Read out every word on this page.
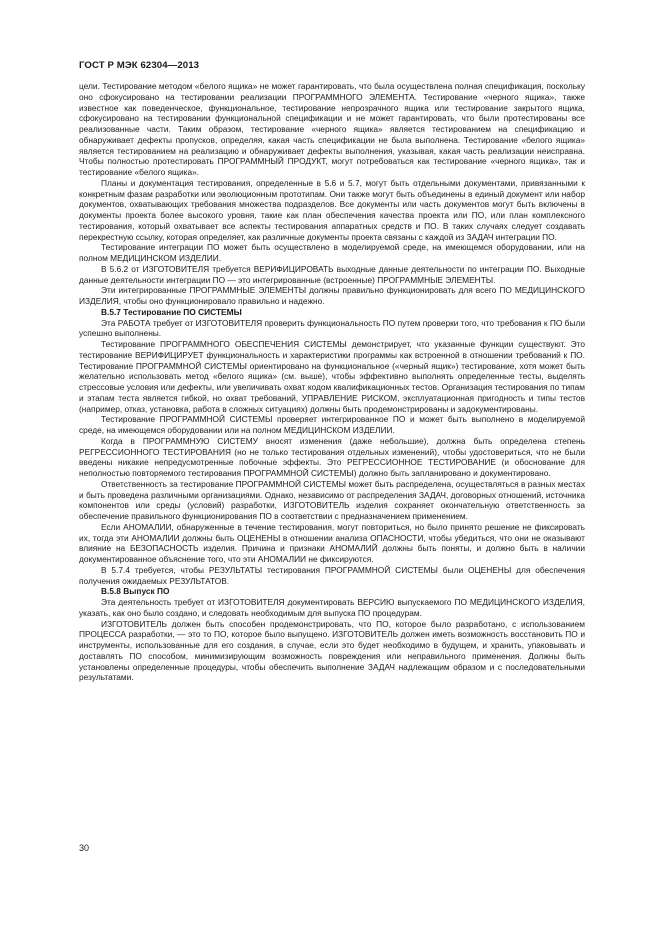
ГОСТ Р МЭК 62304—2013

цели. Тестирование методом «белого ящика» не может гарантировать, что была осуществлена полная спецификация, поскольку оно сфокусировано на тестировании реализации ПРОГРАММНОГО ЭЛЕМЕНТА. Тестирование «черного ящика», также известное как поведенческое, функциональное, тестирование непрозрачного ящика или тестирование закрытого ящика, сфокусировано на тестировании функциональной спецификации и не может гарантировать, что были протестированы все реализованные части. Таким образом, тестирование «черного ящика» является тестированием на спецификацию и обнаруживает дефекты пропусков, определяя, какая часть спецификации не была выполнена. Тестирование «белого ящика» является тестированием на реализацию и обнаруживает дефекты выполнения, указывая, какая часть реализации неисправна. Чтобы полностью протестировать ПРОГРАММНЫЙ ПРОДУКТ, могут потребоваться как тестирование «черного ящика», так и тестирование «белого ящика».

Планы и документация тестирования, определенные в 5.6 и 5.7, могут быть отдельными документами, привязанными к конкретным фазам разработки или эволюционным прототипам. Они также могут быть объединены в единый документ или набор документов, охватывающих требования множества подразделов. Все документы или часть документов могут быть включены в документы проекта более высокого уровня, такие как план обеспечения качества проекта или ПО, или план комплексного тестирования, который охватывает все аспекты тестирования аппаратных средств и ПО. В таких случаях следует создавать перекрестную ссылку, которая определяет, как различные документы проекта связаны с каждой из ЗАДАЧ интеграции ПО.

Тестирование интеграции ПО может быть осуществлено в моделируемой среде, на имеющемся оборудовании, или на полном МЕДИЦИНСКОМ ИЗДЕЛИИ.

В 5.6.2 от ИЗГОТОВИТЕЛЯ требуется ВЕРИФИЦИРОВАТЬ выходные данные деятельности по интеграции ПО. Выходные данные деятельности интеграции ПО — это интегрированные (встроенные) ПРОГРАММНЫЕ ЭЛЕМЕНТЫ.

Эти интегрированные ПРОГРАММНЫЕ ЭЛЕМЕНТЫ должны правильно функционировать для всего ПО МЕДИЦИНСКОГО ИЗДЕЛИЯ, чтобы оно функционировало правильно и надежно.

В.5.7 Тестирование ПО СИСТЕМЫ

Эта РАБОТА требует от ИЗГОТОВИТЕЛЯ проверить функциональность ПО путем проверки того, что требования к ПО были успешно выполнены.

Тестирование ПРОГРАММНОГО ОБЕСПЕЧЕНИЯ СИСТЕМЫ демонстрирует, что указанные функции существуют. Это тестирование ВЕРИФИЦИРУЕТ функциональность и характеристики программы как встроенной в отношении требований к ПО. Тестирование ПРОГРАММНОЙ СИСТЕМЫ ориентировано на функциональное («черный ящик») тестирование, хотя может быть желательно использовать метод «белого ящика» (см. выше), чтобы эффективно выполнять определенные тесты, выделять стрессовые условия или дефекты, или увеличивать охват кодом квалификационных тестов. Организация тестирования по типам и этапам теста является гибкой, но охват требований, УПРАВЛЕНИЕ РИСКОМ, эксплуатационная пригодность и типы тестов (например, отказ, установка, работа в сложных ситуациях) должны быть продемонстрированы и задокументированы.

Тестирование ПРОГРАММНОЙ СИСТЕМЫ проверяет интегрированное ПО и может быть выполнено в моделируемой среде, на имеющемся оборудовании или на полном МЕДИЦИНСКОМ ИЗДЕЛИИ.

Когда в ПРОГРАММНУЮ СИСТЕМУ вносят изменения (даже небольшие), должна быть определена степень РЕГРЕССИОННОГО ТЕСТИРОВАНИЯ (но не только тестирования отдельных изменений), чтобы удостовериться, что не были введены никакие непредусмотренные побочные эффекты. Это РЕГРЕССИОННОЕ ТЕСТИРОВАНИЕ (и обоснование для неполностью повторяемого тестирования ПРОГРАММНОЙ СИСТЕМЫ) должно быть запланировано и документировано.

Ответственность за тестирование ПРОГРАММНОЙ СИСТЕМЫ может быть распределена, осуществляться в разных местах и быть проведена различными организациями. Однако, независимо от распределения ЗАДАЧ, договорных отношений, источника компонентов или среды (условий) разработки, ИЗГОТОВИТЕЛЬ изделия сохраняет окончательную ответственность за обеспечение правильного функционирования ПО в соответствии с предназначением применением.

Если АНОМАЛИИ, обнаруженные в течение тестирования, могут повториться, но было принято решение не фиксировать их, тогда эти АНОМАЛИИ должны быть ОЦЕНЕНЫ в отношении анализа ОПАСНОСТИ, чтобы убедиться, что они не оказывают влияние на БЕЗОПАСНОСТЬ изделия. Причина и признаки АНОМАЛИЙ должны быть поняты, и должно быть в наличии документированное объяснение того, что эти АНОМАЛИИ не фиксируются.

В 5.7.4 требуется, чтобы РЕЗУЛЬТАТЫ тестирования ПРОГРАММНОЙ СИСТЕМЫ были ОЦЕНЕНЫ для обеспечения получения ожидаемых РЕЗУЛЬТАТОВ.

В.5.8 Выпуск ПО

Эта деятельность требует от ИЗГОТОВИТЕЛЯ документировать ВЕРСИЮ выпускаемого ПО МЕДИЦИНСКОГО ИЗДЕЛИЯ, указать, как оно было создано, и следовать необходимым для выпуска ПО процедурам.

ИЗГОТОВИТЕЛЬ должен быть способен продемонстрировать, что ПО, которое было разработано, с использованием ПРОЦЕССА разработки, — это то ПО, которое было выпущено. ИЗГОТОВИТЕЛЬ должен иметь возможность восстановить ПО и инструменты, использованные для его создания, в случае, если это будет необходимо в будущем, и хранить, упаковывать и доставлять ПО способом, минимизирующим возможность повреждения или неправильного применения. Должны быть установлены определенные процедуры, чтобы обеспечить выполнение ЗАДАЧ надлежащим образом и с последовательными результатами.

30
